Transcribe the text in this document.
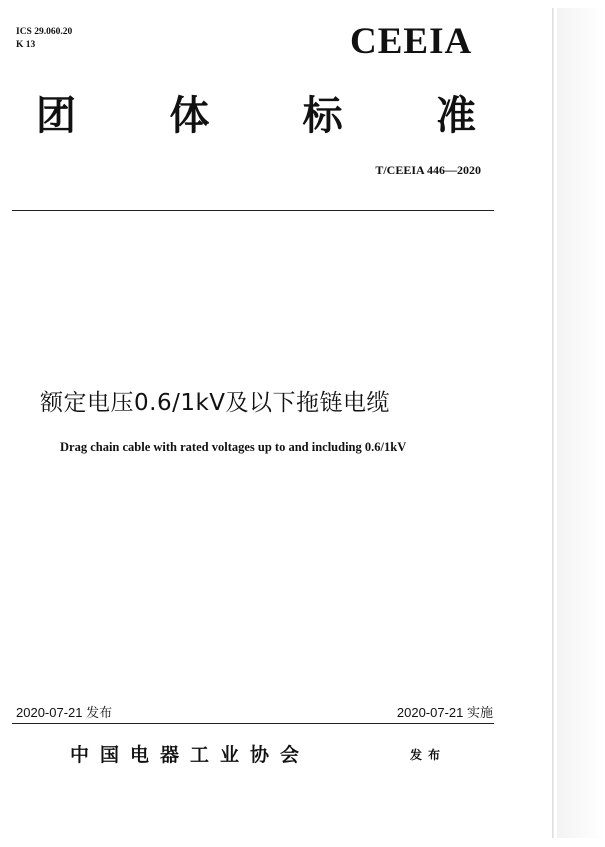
ICS 29.060.20
K 13	CEEIA
团 体 标 准
T/CEEIA 446—2020
额定电压0.6/1kV及以下拖链电缆
Drag chain cable with rated voltages up to and including 0.6/1kV
2020-07-21 发布	2020-07-21 实施
中国电器工业协会	发布
